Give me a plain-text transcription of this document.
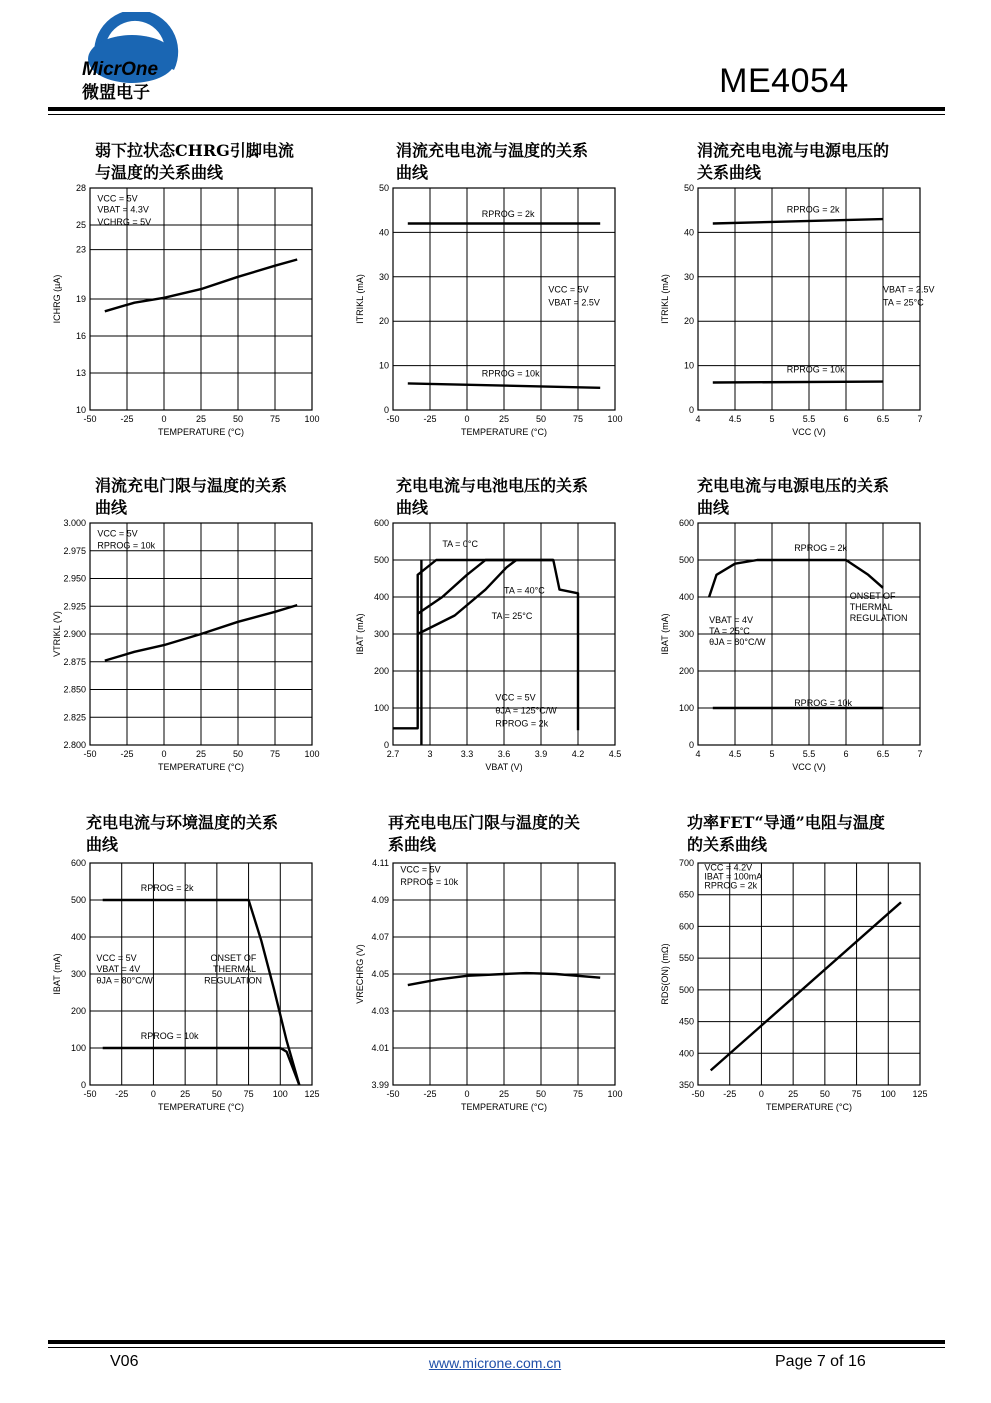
MicrOne
微盟电子	ME4054
弱下拉状态CHRG引脚电流
与温度的关系曲线
涓流充电电流与温度的关系
曲线
涓流充电电流与电源电压的
关系曲线
涓流充电门限与温度的关系
曲线
充电电流与电池电压的关系
曲线
充电电流与电源电压的关系
曲线
充电电流与环境温度的关系
曲线
再充电电压门限与温度的关
系曲线
功率FET“导通”电阻与温度
的关系曲线
-50	-25	0	25	50	75	100
10
13
16
19
23
25
28
VCC = 5V
VBAT = 4.3V
VCHRG = 5V
TEMPERATURE (°C)
ICHRG (µA)
-50	-25	0	25	50	75	100
0
10
20
30
40
50
RPROG = 2k
VCC = 5V
VBAT = 2.5V
RPROG = 10k
TEMPERATURE (°C)
ITRIKL (mA)
4	4.5	5	5.5	6	6.5	7
0
10
20
30
40
50
RPROG = 2k
VBAT = 2.5V
TA = 25°C
RPROG = 10k
VCC (V)
ITRIKL (mA)
-50	-25	0	25	50	75	100
2.800
2.825
2.850
2.875
2.900
2.925
2.950
2.975
3.000
VCC = 5V
RPROG = 10k
TEMPERATURE (°C)
VTRIKL (V)
2.7	3	3.3	3.6	3.9	4.2	4.5
0
100
200
300
400
500
600
TA = 0°C
TA = 40°C
TA = 25°C
VCC = 5V
θJA = 125°C/W
RPROG = 2k
VBAT (V)
IBAT (mA)
4	4.5	5	5.5	6	6.5	7
0
100
200
300
400
500
600
RPROG = 2k
ONSET OF
THERMAL
REGULATION
VBAT = 4V
TA = 25°C
θJA = 80°C/W
RPROG = 10k
VCC (V)
IBAT (mA)
-50 -25	0	25 50 75 100 125
0
100
200
300
400
500
600
RPROG = 2k
VCC = 5V
VBAT = 4V
θJA = 80°C/W
ONSET OF
THERMAL
REGULATION
RPROG = 10k
TEMPERATURE (°C)
IBAT (mA)
-50	-25	0	25	50	75	100
3.99
4.01
4.03
4.05
4.07
4.09
4.11
VCC = 5V
RPROG = 10k
TEMPERATURE (°C)
VRECHRG (V)
-50 -25	0	25 50 75 100 125
350
400
450
500
550
600
650
700 VCC = 4.2V
IBAT = 100mA
RPROG = 2k
TEMPERATURE (°C)
RDS(ON) (mΩ)
V06	www.microne.com.cn	Page 7 of 16
